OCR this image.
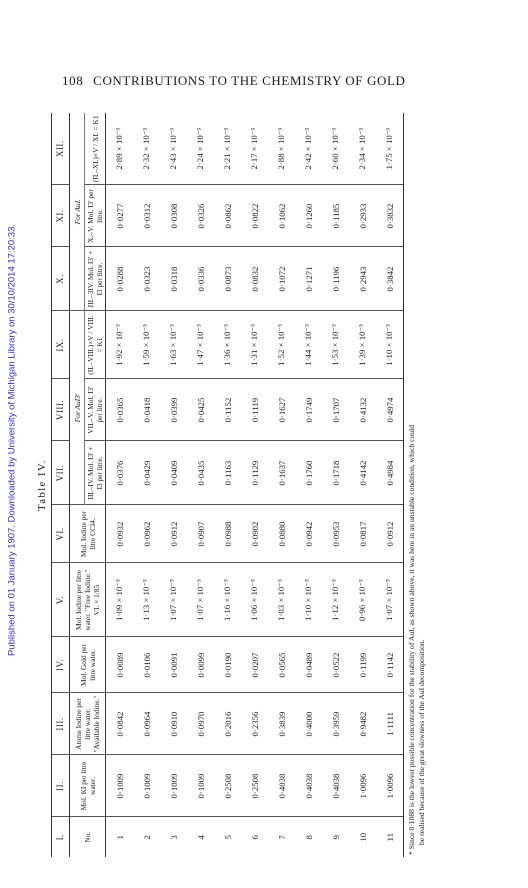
108 CONTRIBUTIONS TO THE CHEMISTRY OF GOLD
Published on 01 January 1907. Downloaded by University of Michigan Library on 30/10/2014 17:20:33. Table IV.
I.	II.	III.	IV.	V.	VI.	VII.	VIII.	IX.	X.	XI.	XII.
No.	Mol. KI per litre water.	Atoms Iodine per litre water. "Available Iodine."	Mol. Gold per litre water.	Mol. Iodine per litre water. "Free Iodine." VI. × 1/85	Mol. Iodine per litre CCl4.	For AuI3'			For AuI.		
						III.–IV. Mol. I3' + I3 per litre.	VII.–V. Mol. I3' per litre.	(II.–VIII.)×V / VIII. = K1	III.–3IV. Mol. I3' + I3 per litre.	X.–V. Mol. I3' per litre.	(II.–XI.)×V / XI. = K1
1	0·1009	0·0842	0·0089	1·09 × 10⁻⁵	0·0932	0·0376	0·0365	1·92 × 10⁻³	0·0288	0·0277	2·89 × 10⁻³
2	0·1009	0·0964	0·0106	1·13 × 10⁻⁵	0·0962	0·0429	0·0418	1·59 × 10⁻³	0·0323	0·0312	2·32 × 10⁻³
3	0·1009	0·0910	0·0091	1·07 × 10⁻⁵	0·0912	0·0409	0·0399	1·63 × 10⁻³	0·0318	0·0308	2·43 × 10⁻³
4	0·1009	0·0970	0·0099	1·07 × 10⁻⁵	0·0907	0·0435	0·0425	1·47 × 10⁻³	0·0336	0·0326	2·24 × 10⁻³
5	0·2508	0·2016	0·0190	1·16 × 10⁻⁵	0·0988	0·1163	0·1152	1·36 × 10⁻³	0·0873	0·0862	2·21 × 10⁻³
6	0·2508	0·2356	0·0207	1·06 × 10⁻⁵	0·0902	0·1129	0·1119	1·31 × 10⁻³	0·0832	0·0822	2·17 × 10⁻³
7	0·4038	0·3839	0·0565	1·03 × 10⁻⁵	0·0880	0·1637	0·1627	1·52 × 10⁻³	0·1072	0·1062	2·88 × 10⁻³
8	0·4038	0·4000	0·0489	1·10 × 10⁻⁵	0·0942	0·1760	0·1749	1·44 × 10⁻³	0·1271	0·1260	2·42 × 10⁻³
9	0·4038	0·3959	0·0522	1·12 × 10⁻⁵	0·0953	0·1718	0·1707	1·53 × 10⁻³	0·1196	0·1185	2·60 × 10⁻³
10	1·0096	0·9482	0·1199	0·96 × 10⁻⁵	0·0817	0·4142	0·4132	1·39 × 10⁻³	0·2943	0·2933	2·34 × 10⁻³
11	1·0096	1·1111	0·1142	1·07 × 10⁻⁵	0·0912	0·4984	0·4974	1·10 × 10⁻³	0·3842	0·3832	1·75 × 10⁻³
* Since 0·1088 is the lowest possible concentration for the stability of AuI, as shown above, it was here in an unstable condition, which could be realised because of the great slowness of the AuI decomposition.
